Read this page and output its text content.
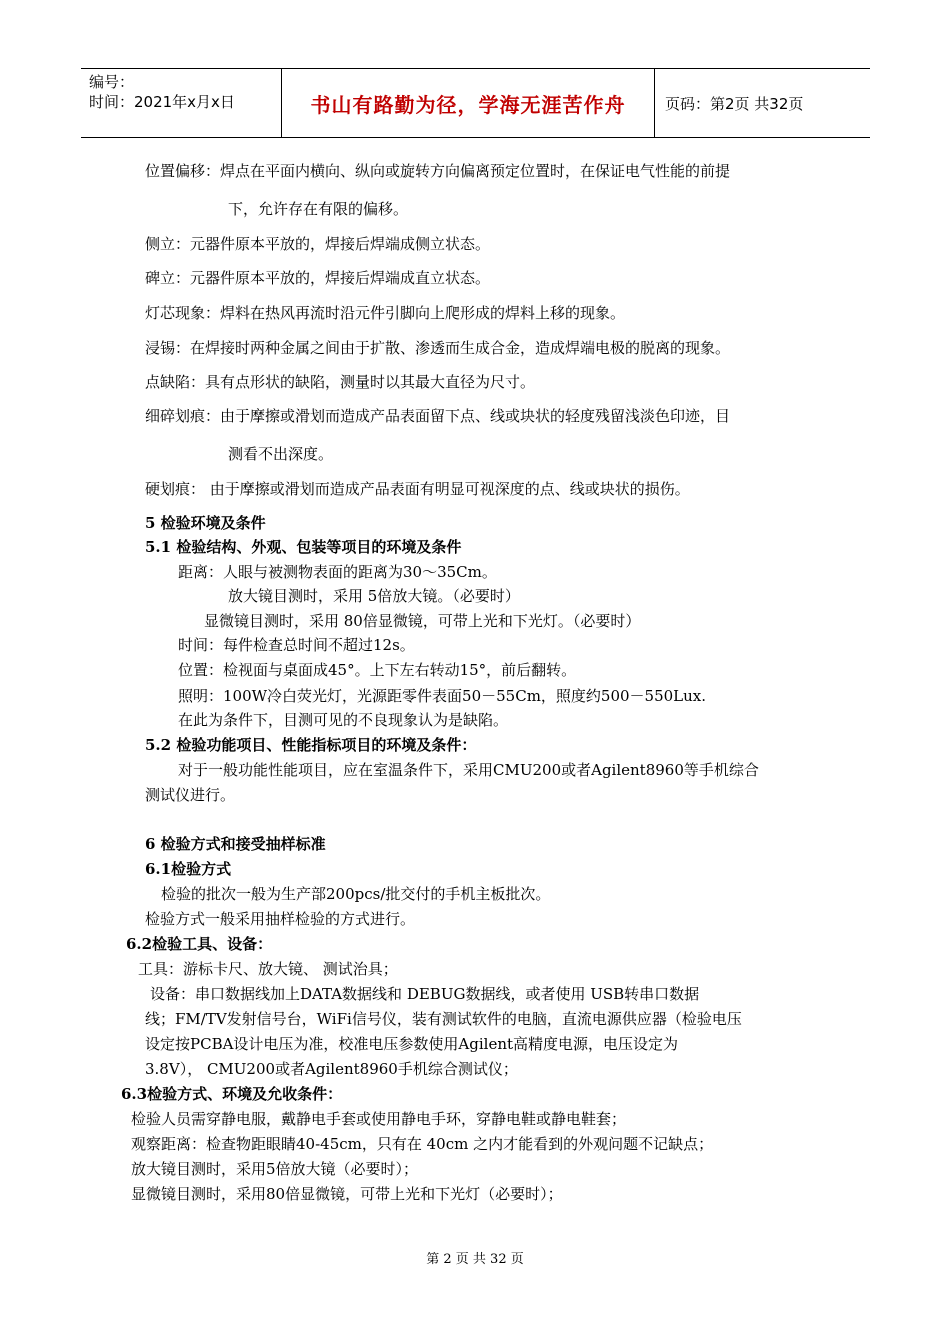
编号：
时间：2021年x月x日	书山有路勤为径，学海无涯苦作舟	页码：第2页 共32页
位置偏移：焊点在平面内横向、纵向或旋转方向偏离预定位置时，在保证电气性能的前提
下，允许存在有限的偏移。
侧立：元器件原本平放的，焊接后焊端成侧立状态。
碑立：元器件原本平放的，焊接后焊端成直立状态。
灯芯现象：焊料在热风再流时沿元件引脚向上爬形成的焊料上移的现象。
浸锡：在焊接时两种金属之间由于扩散、渗透而生成合金，造成焊端电极的脱离的现象。
点缺陷：具有点形状的缺陷，测量时以其最大直径为尺寸。
细碎划痕：由于摩擦或滑划而造成产品表面留下点、线或块状的轻度残留浅淡色印迹，目
测看不出深度。
硬划痕： 由于摩擦或滑划而造成产品表面有明显可视深度的点、线或块状的损伤。
5 检验环境及条件
5.1 检验结构、外观、包装等项目的环境及条件
距离：人眼与被测物表面的距离为30～35Cm。
放大镜目测时，采用 5倍放大镜。（必要时）
显微镜目测时，采用 80倍显微镜，可带上光和下光灯。（必要时）
时间：每件检查总时间不超过12s。
位置：检视面与桌面成45°。上下左右转动15°，前后翻转。
照明：100W冷白荧光灯，光源距零件表面50－55Cm，照度约500－550Lux.
在此为条件下，目测可见的不良现象认为是缺陷。
5.2 检验功能项目、性能指标项目的环境及条件：
对于一般功能性能项目，应在室温条件下，采用CMU200或者Agilent8960等手机综合
测试仪进行。
6 检验方式和接受抽样标准
6.1检验方式
检验的批次一般为生产部200pcs/批交付的手机主板批次。
检验方式一般采用抽样检验的方式进行。
6.2检验工具、设备：
工具：游标卡尺、放大镜、 测试治具；
设备：串口数据线加上DATA数据线和 DEBUG数据线，或者使用 USB转串口数据
线；FM/TV发射信号台，WiFi信号仪，装有测试软件的电脑，直流电源供应器（检验电压
设定按PCBA设计电压为准，校准电压参数使用Agilent高精度电源，电压设定为
3.8V）， CMU200或者Agilent8960手机综合测试仪；
6.3检验方式、环境及允收条件：
检验人员需穿静电服，戴静电手套或使用静电手环，穿静电鞋或静电鞋套；
观察距离：检查物距眼睛40-45cm，只有在 40cm 之内才能看到的外观问题不记缺点；
放大镜目测时，采用5倍放大镜（必要时）；
显微镜目测时，采用80倍显微镜，可带上光和下光灯（必要时）；
第 2 页 共 32 页
